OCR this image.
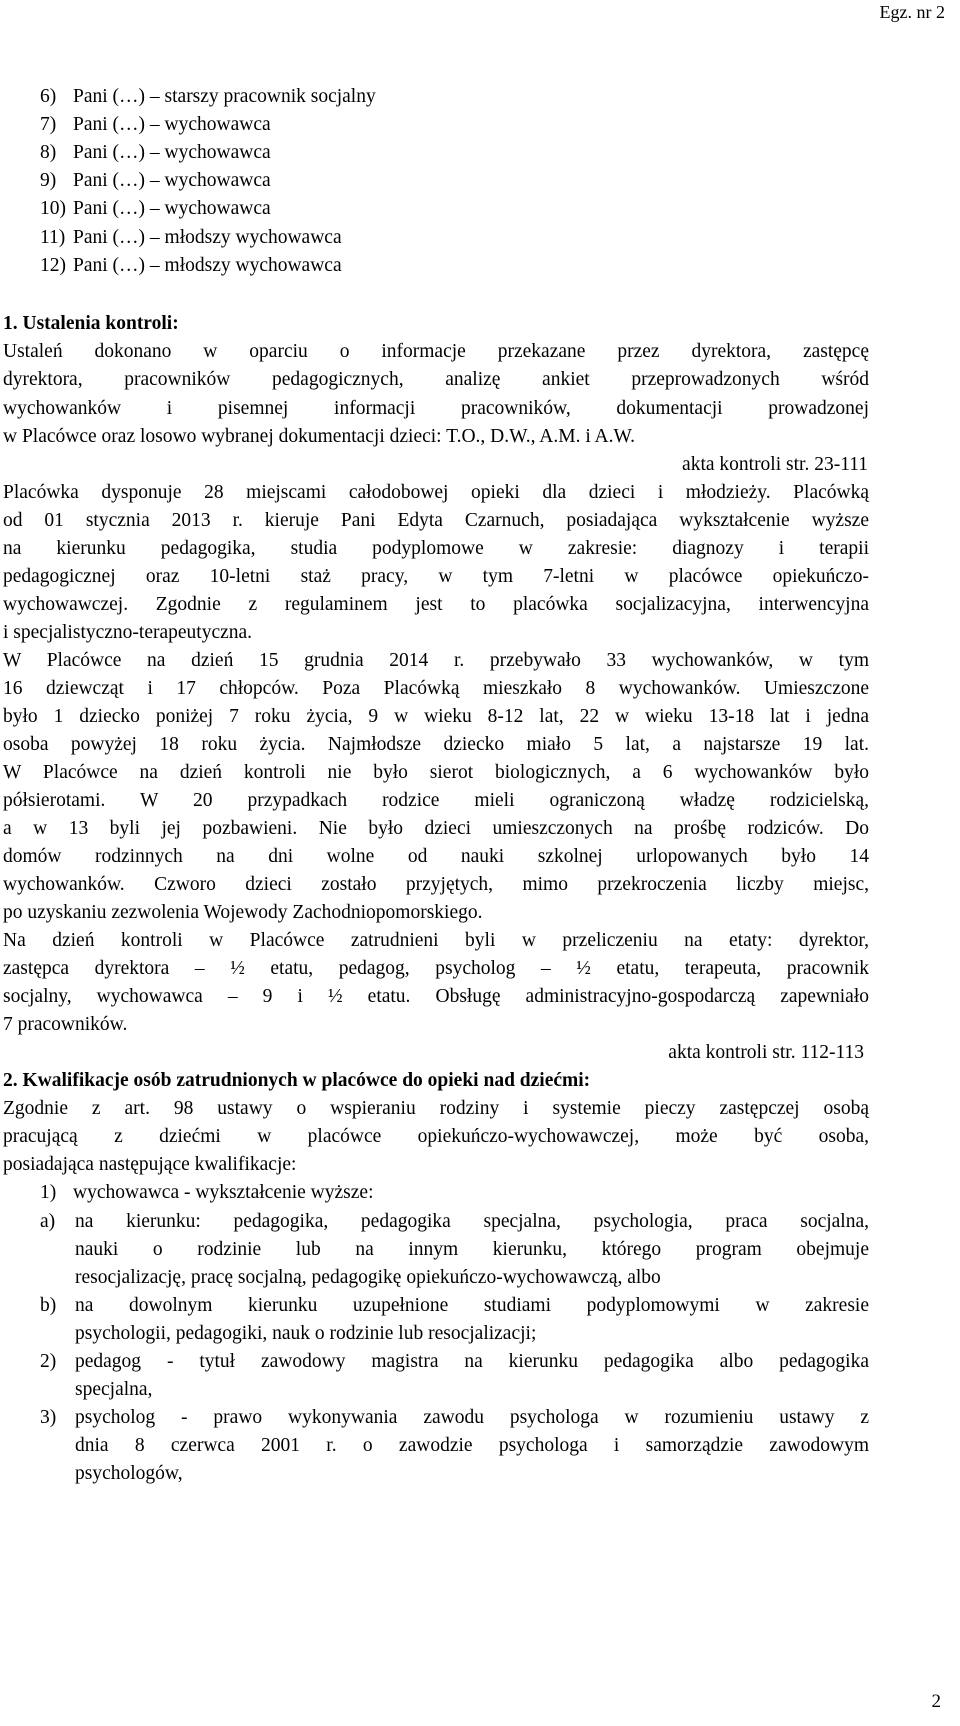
Egz. nr 2
6) Pani (…) – starszy pracownik socjalny
7) Pani (…) – wychowawca
8) Pani (…) – wychowawca
9) Pani (…) – wychowawca
10) Pani (…) – wychowawca
11) Pani (…) – młodszy wychowawca
12) Pani (…) – młodszy wychowawca
1. Ustalenia kontroli:
Ustaleń dokonano w oparciu o informacje przekazane przez dyrektora, zastępcę
dyrektora, pracowników pedagogicznych, analizę ankiet przeprowadzonych wśród
wychowanków i pisemnej informacji pracowników, dokumentacji prowadzonej
w Placówce oraz losowo wybranej dokumentacji dzieci: T.O., D.W., A.M. i A.W.
akta kontroli str. 23-111
Placówka dysponuje 28 miejscami całodobowej opieki dla dzieci i młodzieży. Placówką
od 01 stycznia 2013 r. kieruje Pani Edyta Czarnuch, posiadająca wykształcenie wyższe
na kierunku pedagogika, studia podyplomowe w zakresie: diagnozy i terapii
pedagogicznej oraz 10-letni staż pracy, w tym 7-letni w placówce opiekuńczo-
wychowawczej. Zgodnie z regulaminem jest to placówka socjalizacyjna, interwencyjna
i specjalistyczno-terapeutyczna.
W Placówce na dzień 15 grudnia 2014 r. przebywało 33 wychowanków, w tym
16 dziewcząt i 17 chłopców. Poza Placówką mieszkało 8 wychowanków. Umieszczone
było 1 dziecko poniżej 7 roku życia, 9 w wieku 8-12 lat, 22 w wieku 13-18 lat i jedna
osoba powyżej 18 roku życia. Najmłodsze dziecko miało 5 lat, a najstarsze 19 lat.
W Placówce na dzień kontroli nie było sierot biologicznych, a 6 wychowanków było
półsierotami. W 20 przypadkach rodzice mieli ograniczoną władzę rodzicielską,
a w 13 byli jej pozbawieni. Nie było dzieci umieszczonych na prośbę rodziców. Do
domów rodzinnych na dni wolne od nauki szkolnej urlopowanych było 14
wychowanków. Czworo dzieci zostało przyjętych, mimo przekroczenia liczby miejsc,
po uzyskaniu zezwolenia Wojewody Zachodniopomorskiego.
Na dzień kontroli w Placówce zatrudnieni byli w przeliczeniu na etaty: dyrektor,
zastępca dyrektora – ½ etatu, pedagog, psycholog – ½ etatu, terapeuta, pracownik
socjalny, wychowawca – 9 i ½ etatu. Obsługę administracyjno-gospodarczą zapewniało
7 pracowników.
akta kontroli str. 112-113
2. Kwalifikacje osób zatrudnionych w placówce do opieki nad dziećmi:
Zgodnie z art. 98 ustawy o wspieraniu rodziny i systemie pieczy zastępczej osobą
pracującą z dziećmi w placówce opiekuńczo-wychowawczej, może być osoba,
posiadająca następujące kwalifikacje:
1) wychowawca - wykształcenie wyższe:
a) na kierunku: pedagogika, pedagogika specjalna, psychologia, praca socjalna,
nauki o rodzinie lub na innym kierunku, którego program obejmuje
resocjalizację, pracę socjalną, pedagogikę opiekuńczo-wychowawczą, albo
b) na dowolnym kierunku uzupełnione studiami podyplomowymi w zakresie
psychologii, pedagogiki, nauk o rodzinie lub resocjalizacji;
2) pedagog - tytuł zawodowy magistra na kierunku pedagogika albo pedagogika
specjalna,
3) psycholog - prawo wykonywania zawodu psychologa w rozumieniu ustawy z
dnia 8 czerwca 2001 r. o zawodzie psychologa i samorządzie zawodowym
psychologów,
2
